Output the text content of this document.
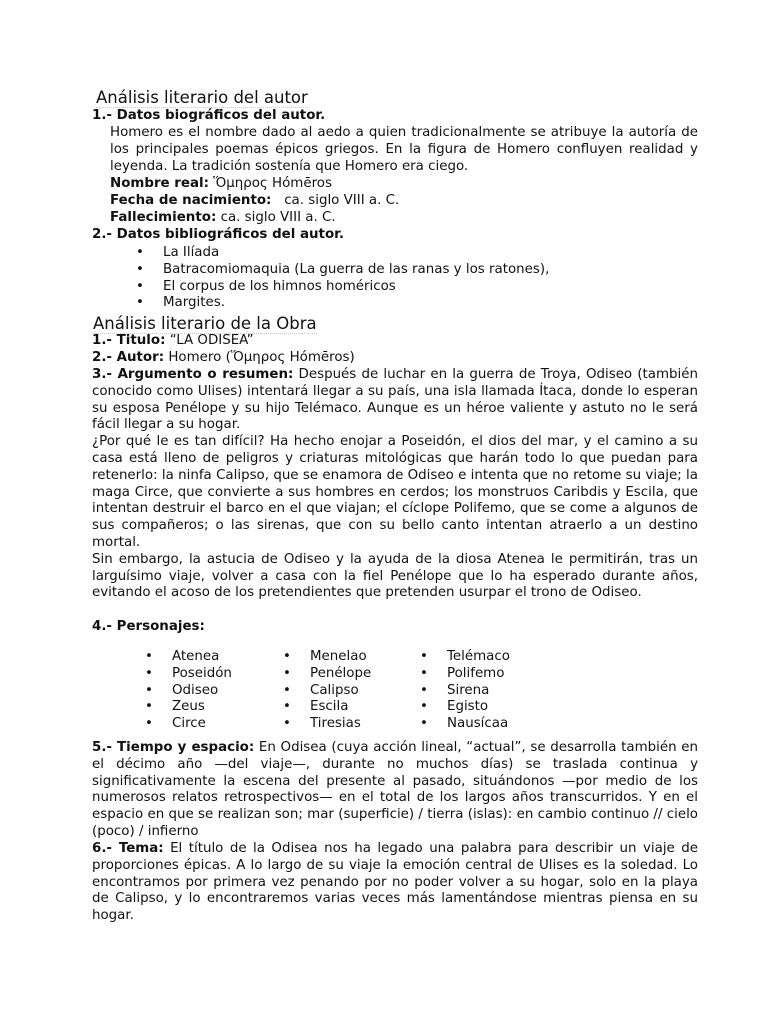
Análisis literario del autor
1.- Datos biográficos del autor.

Homero es el nombre dado al aedo a quien tradicionalmente se atribuye la autoría de los principales poemas épicos griegos. En la figura de Homero confluyen realidad y leyenda. La tradición sostenía que Homero era ciego.

Nombre real: Ὅμηρος Hómēros
Fecha de nacimiento: ca. siglo VIII a. C.
Fallecimiento: ca. siglo VIII a. C.
2.- Datos bibliográficos del autor.
• La Ilíada
• Batracomiomaquia (La guerra de las ranas y los ratones),
• El corpus de los himnos homéricos
• Margites.
Análisis literario de la Obra
1.- Titulo: “LA ODISEA”
2.- Autor: Homero (Ὅμηρος Hómēros)

3.- Argumento o resumen: Después de luchar en la guerra de Troya, Odiseo (también conocido como Ulises) intentará llegar a su país, una isla llamada Ítaca, donde lo esperan su esposa Penélope y su hijo Telémaco. Aunque es un héroe valiente y astuto no le será fácil llegar a su hogar.

¿Por qué le es tan difícil? Ha hecho enojar a Poseidón, el dios del mar, y el camino a su casa está lleno de peligros y criaturas mitológicas que harán todo lo que puedan para retenerlo: la ninfa Calipso, que se enamora de Odiseo e intenta que no retome su viaje; la maga Circe, que convierte a sus hombres en cerdos; los monstruos Caribdis y Escila, que intentan destruir el barco en el que viajan; el cíclope Polifemo, que se come a algunos de sus compañeros; o las sirenas, que con su bello canto intentan atraerlo a un destino mortal.

Sin embargo, la astucia de Odiseo y la ayuda de la diosa Atenea le permitirán, tras un larguísimo viaje, volver a casa con la fiel Penélope que lo ha esperado durante años, evitando el acoso de los pretendientes que pretenden usurpar el trono de Odiseo.

4.- Personajes:
• Atenea
• Poseidón
• Odiseo
• Zeus
• Circe
• Menelao
• Penélope
• Calipso
• Escila
• Tiresias
• Telémaco
• Polifemo
• Sirena
• Egisto
• Nausícaa

5.- Tiempo y espacio: En Odisea (cuya acción lineal, “actual”, se desarrolla también en el décimo año —del viaje—, durante no muchos días) se traslada continua y significativamente la escena del presente al pasado, situándonos —por medio de los numerosos relatos retrospectivos— en el total de los largos años transcurridos. Y en el espacio en que se realizan son; mar (superficie) / tierra (islas): en cambio continuo // cielo (poco) / infierno

6.- Tema: El título de la Odisea nos ha legado una palabra para describir un viaje de proporciones épicas. A lo largo de su viaje la emoción central de Ulises es la soledad. Lo encontramos por primera vez penando por no poder volver a su hogar, solo en la playa de Calipso, y lo encontraremos varias veces más lamentándose mientras piensa en su hogar.
